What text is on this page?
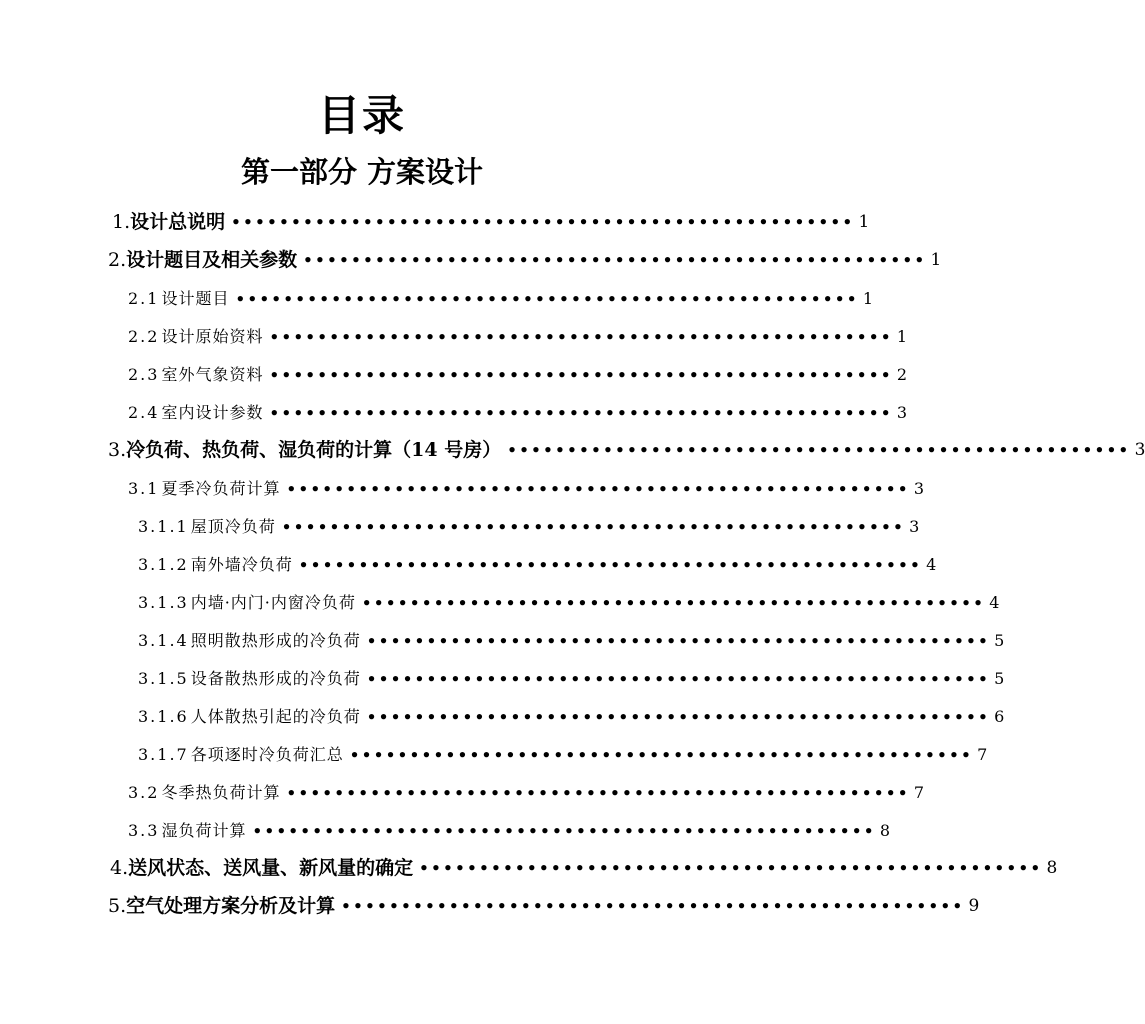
目录
第一部分 方案设计
1. 设计总说明 •••••••••••••••••••••••••••••••••••••••••••••••••••• 1
2. 设计题目及相关参数 •••••••••••••••••••••••••••••••••••••••••••••••••••• 1
2.1 设计题目 •••••••••••••••••••••••••••••••••••••••••••••••••••• 1
2.2 设计原始资料 •••••••••••••••••••••••••••••••••••••••••••••••••••• 1
2.3 室外气象资料 •••••••••••••••••••••••••••••••••••••••••••••••••••• 2
2.4 室内设计参数 •••••••••••••••••••••••••••••••••••••••••••••••••••• 3
3. 冷负荷、热负荷、湿负荷的计算（14 号房） •••••••••••••••••••••••••••••••••••••••••••••••••••• 3
3.1 夏季冷负荷计算 •••••••••••••••••••••••••••••••••••••••••••••••••••• 3
3.1.1 屋顶冷负荷 •••••••••••••••••••••••••••••••••••••••••••••••••••• 3
3.1.2 南外墙冷负荷 •••••••••••••••••••••••••••••••••••••••••••••••••••• 4
3.1.3 内墙·内门·内窗冷负荷 •••••••••••••••••••••••••••••••••••••••••••••••••••• 4
3.1.4 照明散热形成的冷负荷 •••••••••••••••••••••••••••••••••••••••••••••••••••• 5
3.1.5 设备散热形成的冷负荷 •••••••••••••••••••••••••••••••••••••••••••••••••••• 5
3.1.6 人体散热引起的冷负荷 •••••••••••••••••••••••••••••••••••••••••••••••••••• 6
3.1.7 各项逐时冷负荷汇总 •••••••••••••••••••••••••••••••••••••••••••••••••••• 7
3.2 冬季热负荷计算 •••••••••••••••••••••••••••••••••••••••••••••••••••• 7
3.3 湿负荷计算 •••••••••••••••••••••••••••••••••••••••••••••••••••• 8
4. 送风状态、送风量、新风量的确定 •••••••••••••••••••••••••••••••••••••••••••••••••••• 8
5. 空气处理方案分析及计算 •••••••••••••••••••••••••••••••••••••••••••••••••••• 9
